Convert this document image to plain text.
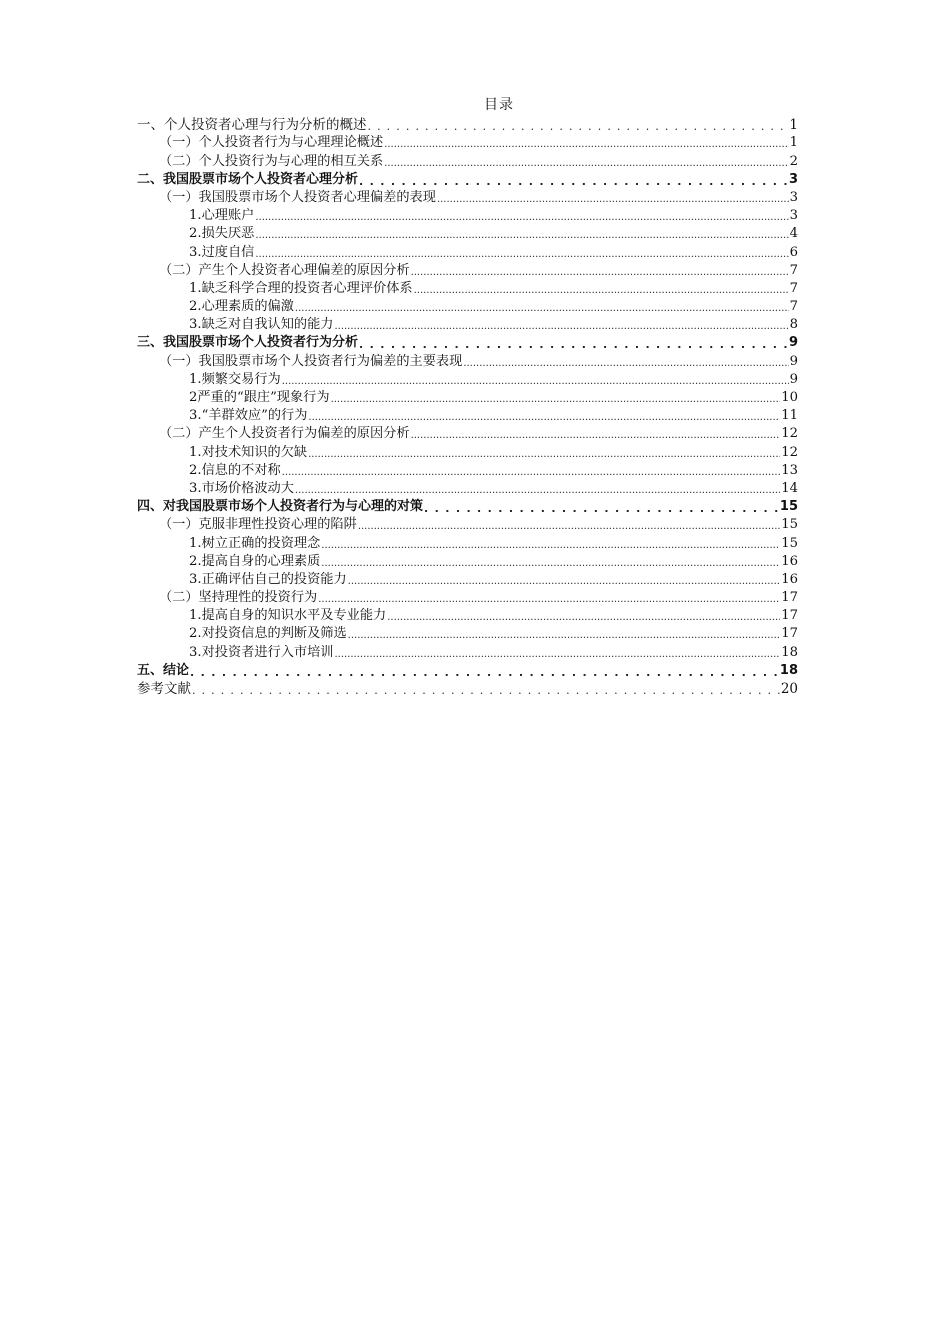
目录
一、个人投资者心理与行为分析的概述 . . .	1
（一）个人投资者行为与心理理论概述 .....	1
（二）个人投资行为与心理的相互关系 .....	2
二、我国股票市场个人投资者心理分析 . . .	3
（一）我国股票市场个人投资者心理偏差的表现 .....	3
1.心理账户 .....	3
2.损失厌恶 .....	4
3.过度自信 .....	6
（二）产生个人投资者心理偏差的原因分析 .....	7
1.缺乏科学合理的投资者心理评价体系 .....	7
2.心理素质的偏激 .....	7
3.缺乏对自我认知的能力 .....	8
三、我国股票市场个人投资者行为分析 . . .	9
（一）我国股票市场个人投资者行为偏差的主要表现 .....	9
1.频繁交易行为 .....	9
2严重的“跟庄”现象行为 .....	10
3.“羊群效应”的行为 .....	11
（二）产生个人投资者行为偏差的原因分析 .....	12
1.对技术知识的欠缺 .....	12
2.信息的不对称 .....	13
3.市场价格波动大 .....	14
四、对我国股票市场个人投资者行为与心理的对策 . . .	15
（一）克服非理性投资心理的陷阱 .....	15
1.树立正确的投资理念 .....	15
2.提高自身的心理素质 .....	16
3.正确评估自己的投资能力 .....	16
（二）坚持理性的投资行为 .....	17
1.提高自身的知识水平及专业能力 .....	17
2.对投资信息的判断及筛选 .....	17
3.对投资者进行入市培训 .....	18
五、结论 . . .	18
参考文献 . . .	20
